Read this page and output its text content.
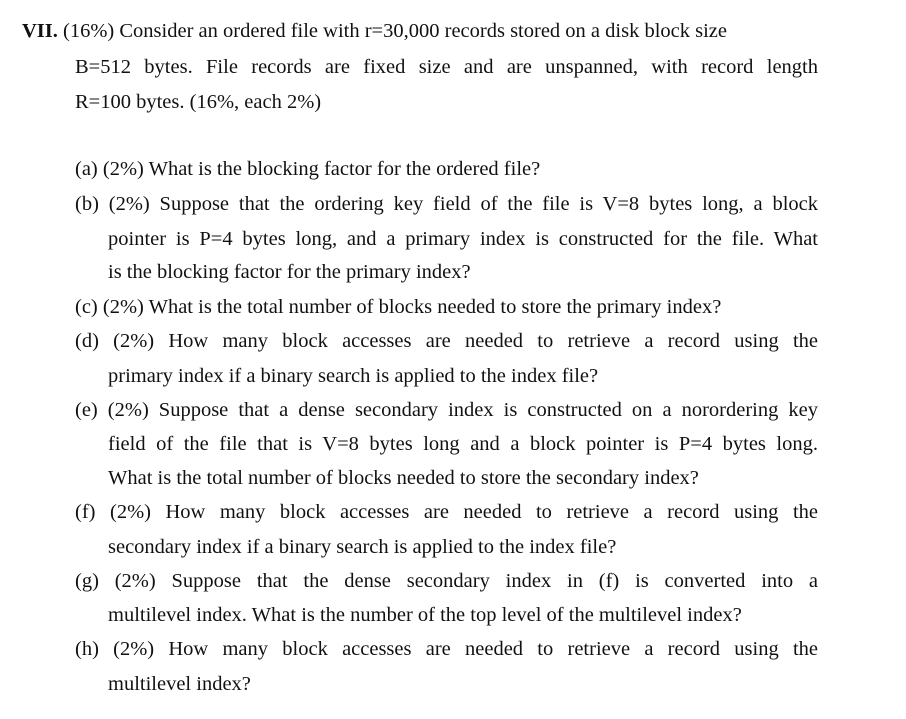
VII. (16%) Consider an ordered file with r=30,000 records stored on a disk block size
B=512 bytes. File records are fixed size and are unspanned, with record length
R=100 bytes. (16%, each 2%)
(a) (2%) What is the blocking factor for the ordered file?
(b) (2%) Suppose that the ordering key field of the file is V=8 bytes long, a block
pointer is P=4 bytes long, and a primary index is constructed for the file. What
is the blocking factor for the primary index?
(c) (2%) What is the total number of blocks needed to store the primary index?
(d) (2%) How many block accesses are needed to retrieve a record using the
primary index if a binary search is applied to the index file?
(e) (2%) Suppose that a dense secondary index is constructed on a norordering key
field of the file that is V=8 bytes long and a block pointer is P=4 bytes long.
What is the total number of blocks needed to store the secondary index?
(f) (2%) How many block accesses are needed to retrieve a record using the
secondary index if a binary search is applied to the index file?
(g) (2%) Suppose that the dense secondary index in (f) is converted into a
multilevel index. What is the number of the top level of the multilevel index?
(h) (2%) How many block accesses are needed to retrieve a record using the
multilevel index?
